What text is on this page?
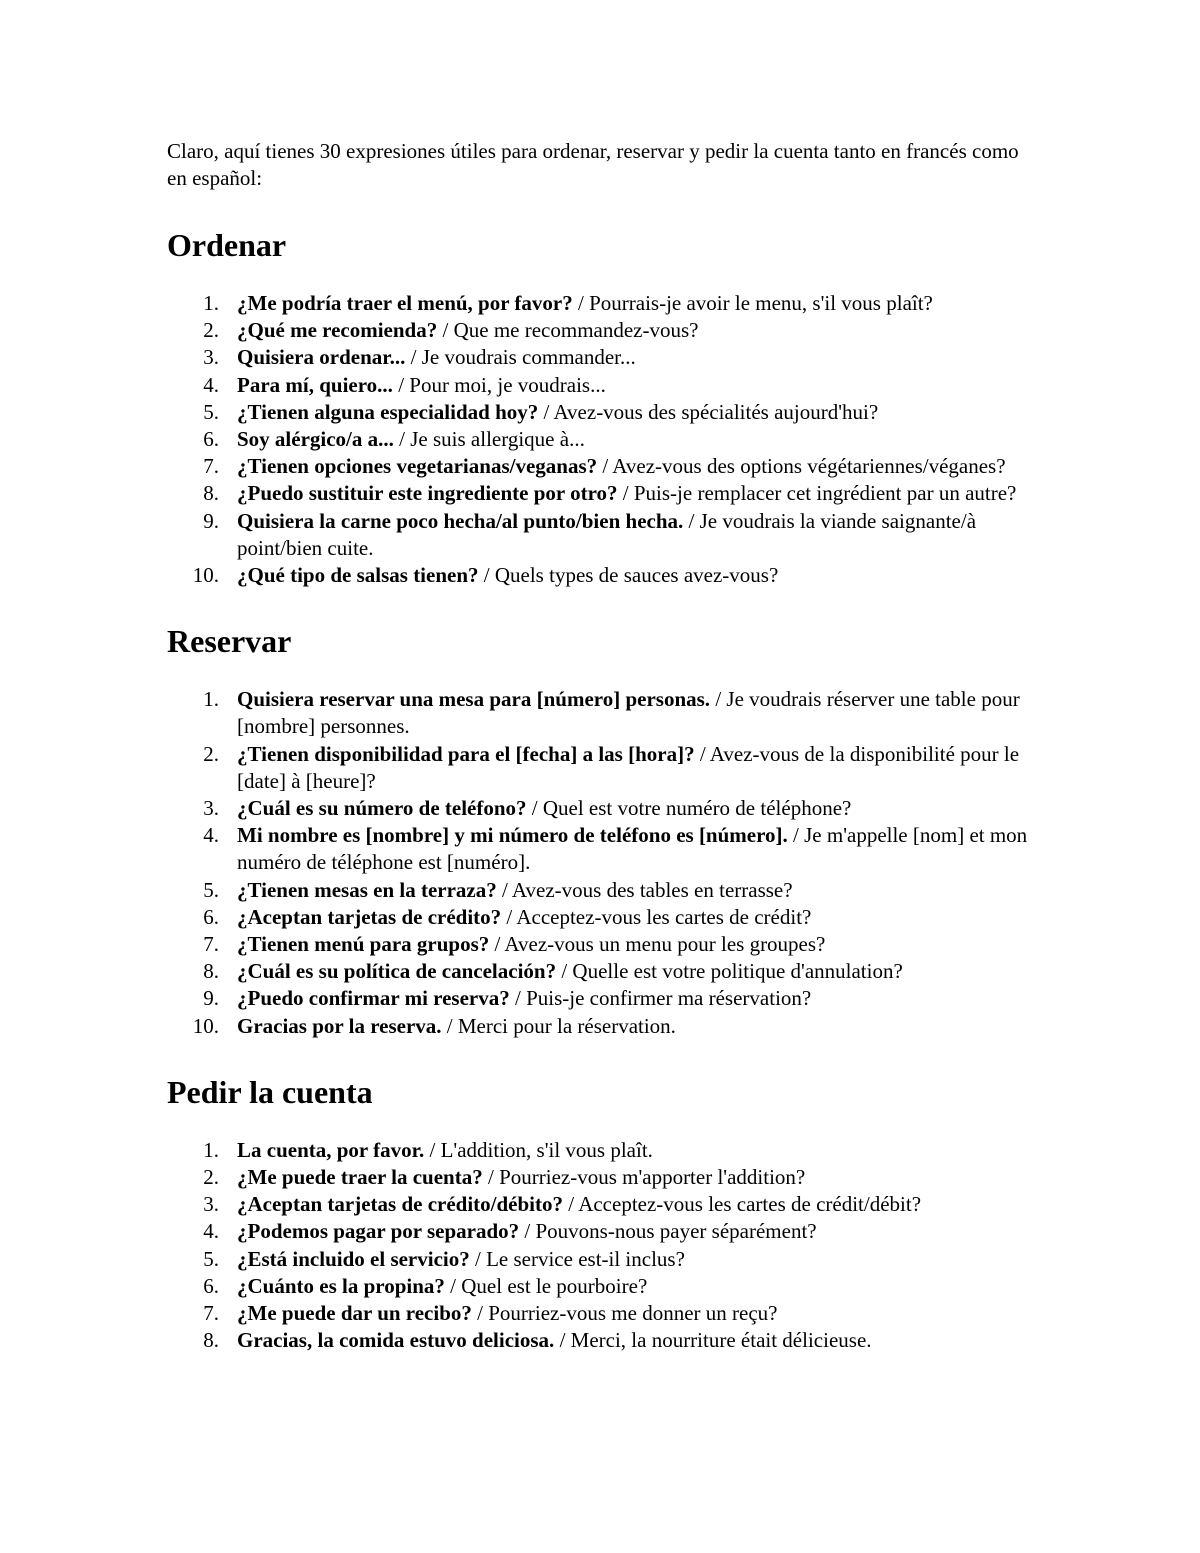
Claro, aquí tienes 30 expresiones útiles para ordenar, reservar y pedir la cuenta tanto en francés como en español:

Ordenar
1. ¿Me podría traer el menú, por favor? / Pourrais-je avoir le menu, s'il vous plaît?
2. ¿Qué me recomienda? / Que me recommandez-vous?
3. Quisiera ordenar... / Je voudrais commander...
4. Para mí, quiero... / Pour moi, je voudrais...
5. ¿Tienen alguna especialidad hoy? / Avez-vous des spécialités aujourd'hui?
6. Soy alérgico/a a... / Je suis allergique à...
7. ¿Tienen opciones vegetarianas/veganas? / Avez-vous des options végétariennes/véganes?
8. ¿Puedo sustituir este ingrediente por otro? / Puis-je remplacer cet ingrédient par un autre?
9. Quisiera la carne poco hecha/al punto/bien hecha. / Je voudrais la viande saignante/à point/bien cuite.
10. ¿Qué tipo de salsas tienen? / Quels types de sauces avez-vous?
Reservar
1. Quisiera reservar una mesa para [número] personas. / Je voudrais réserver une table pour [nombre] personnes.
2. ¿Tienen disponibilidad para el [fecha] a las [hora]? / Avez-vous de la disponibilité pour le [date] à [heure]?
3. ¿Cuál es su número de teléfono? / Quel est votre numéro de téléphone?
4. Mi nombre es [nombre] y mi número de teléfono es [número]. / Je m'appelle [nom] et mon numéro de téléphone est [numéro].
5. ¿Tienen mesas en la terraza? / Avez-vous des tables en terrasse?
6. ¿Aceptan tarjetas de crédito? / Acceptez-vous les cartes de crédit?
7. ¿Tienen menú para grupos? / Avez-vous un menu pour les groupes?
8. ¿Cuál es su política de cancelación? / Quelle est votre politique d'annulation?
9. ¿Puedo confirmar mi reserva? / Puis-je confirmer ma réservation?
10. Gracias por la reserva. / Merci pour la réservation.
Pedir la cuenta
1. La cuenta, por favor. / L'addition, s'il vous plaît.
2. ¿Me puede traer la cuenta? / Pourriez-vous m'apporter l'addition?
3. ¿Aceptan tarjetas de crédito/débito? / Acceptez-vous les cartes de crédit/débit?
4. ¿Podemos pagar por separado? / Pouvons-nous payer séparément?
5. ¿Está incluido el servicio? / Le service est-il inclus?
6. ¿Cuánto es la propina? / Quel est le pourboire?
7. ¿Me puede dar un recibo? / Pourriez-vous me donner un reçu?
8. Gracias, la comida estuvo deliciosa. / Merci, la nourriture était délicieuse.
